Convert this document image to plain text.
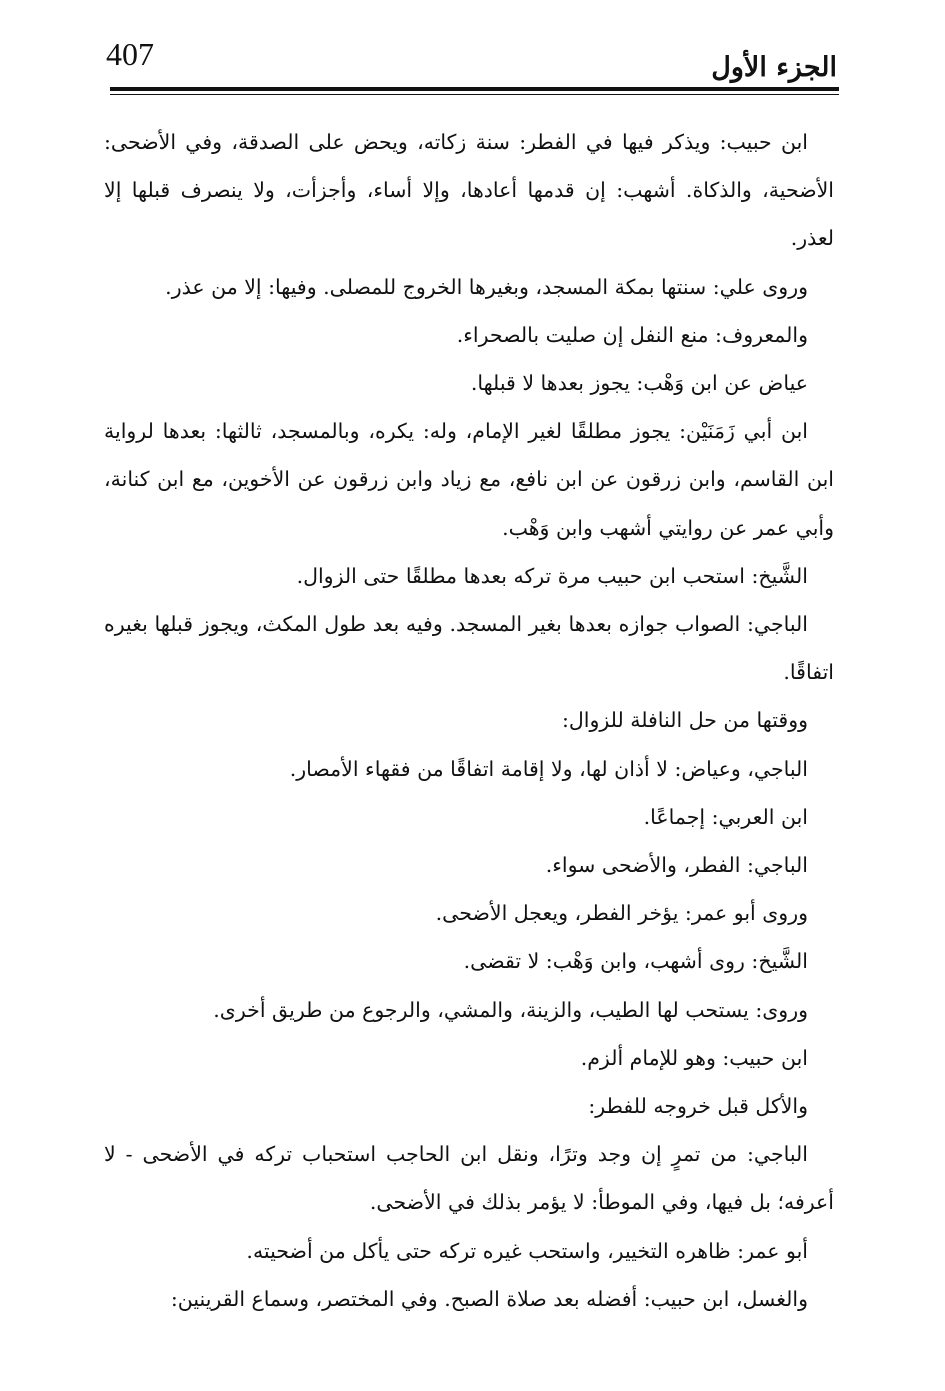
407	الجزء الأول

ابن حبيب: ويذكر فيها في الفطر: سنة زكاته، ويحض على الصدقة، وفي الأضحى: الأضحية، والذكاة. أشهب: إن قدمها أعادها، وإلا أساء، وأجزأت، ولا ينصرف قبلها إلا لعذر.

وروى علي: سنتها بمكة المسجد، وبغيرها الخروج للمصلى. وفيها: إلا من عذر.

والمعروف: منع النفل إن صليت بالصحراء.

عياض عن ابن وَهْب: يجوز بعدها لا قبلها.

ابن أبي زَمَنَيْن: يجوز مطلقًا لغير الإمام، وله: يكره، وبالمسجد، ثالثها: بعدها لرواية ابن القاسم، وابن زرقون عن ابن نافع، مع زياد وابن زرقون عن الأخوين، مع ابن كنانة، وأبي عمر عن روايتي أشهب وابن وَهْب.

الشَّيخ: استحب ابن حبيب مرة تركه بعدها مطلقًا حتى الزوال.

الباجي: الصواب جوازه بعدها بغير المسجد. وفيه بعد طول المكث، ويجوز قبلها بغيره اتفاقًا.

ووقتها من حل النافلة للزوال:

الباجي، وعياض: لا أذان لها، ولا إقامة اتفاقًا من فقهاء الأمصار.

ابن العربي: إجماعًا.

الباجي: الفطر، والأضحى سواء.

وروى أبو عمر: يؤخر الفطر، ويعجل الأضحى.

الشَّيخ: روى أشهب، وابن وَهْب: لا تقضى.

وروى: يستحب لها الطيب، والزينة، والمشي، والرجوع من طريق أخرى.

ابن حبيب: وهو للإمام ألزم.

والأكل قبل خروجه للفطر:

الباجي: من تمرٍ إن وجد وترًا، ونقل ابن الحاجب استحباب تركه في الأضحى - لا أعرفه؛ بل فيها، وفي الموطأ: لا يؤمر بذلك في الأضحى.

أبو عمر: ظاهره التخيير، واستحب غيره تركه حتى يأكل من أضحيته.

والغسل، ابن حبيب: أفضله بعد صلاة الصبح. وفي المختصر، وسماع القرينين:
